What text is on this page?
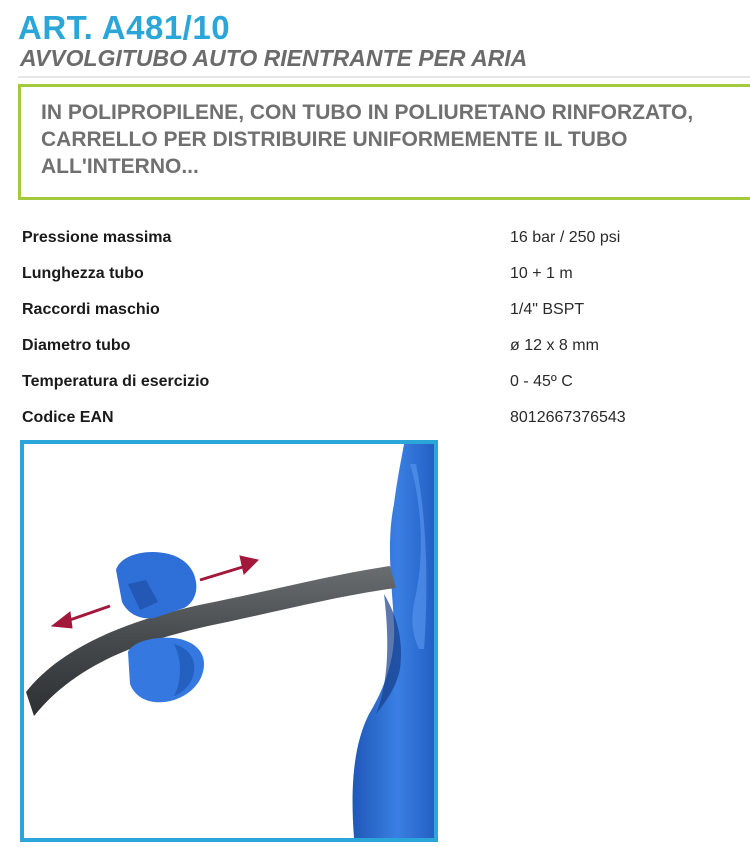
ART. A481/10
AVVOLGITUBO AUTO RIENTRANTE PER ARIA

IN POLIPROPILENE, CON TUBO IN POLIURETANO RINFORZATO,
CARRELLO PER DISTRIBUIRE UNIFORMEMENTE IL TUBO
ALL'INTERNO...

Pressione massima	16 bar / 250 psi
Lunghezza tubo	10 + 1 m
Raccordi maschio	1/4" BSPT
Diametro tubo	ø 12 x 8 mm
Temperatura di esercizio	0 - 45º C
Codice EAN	8012667376543
